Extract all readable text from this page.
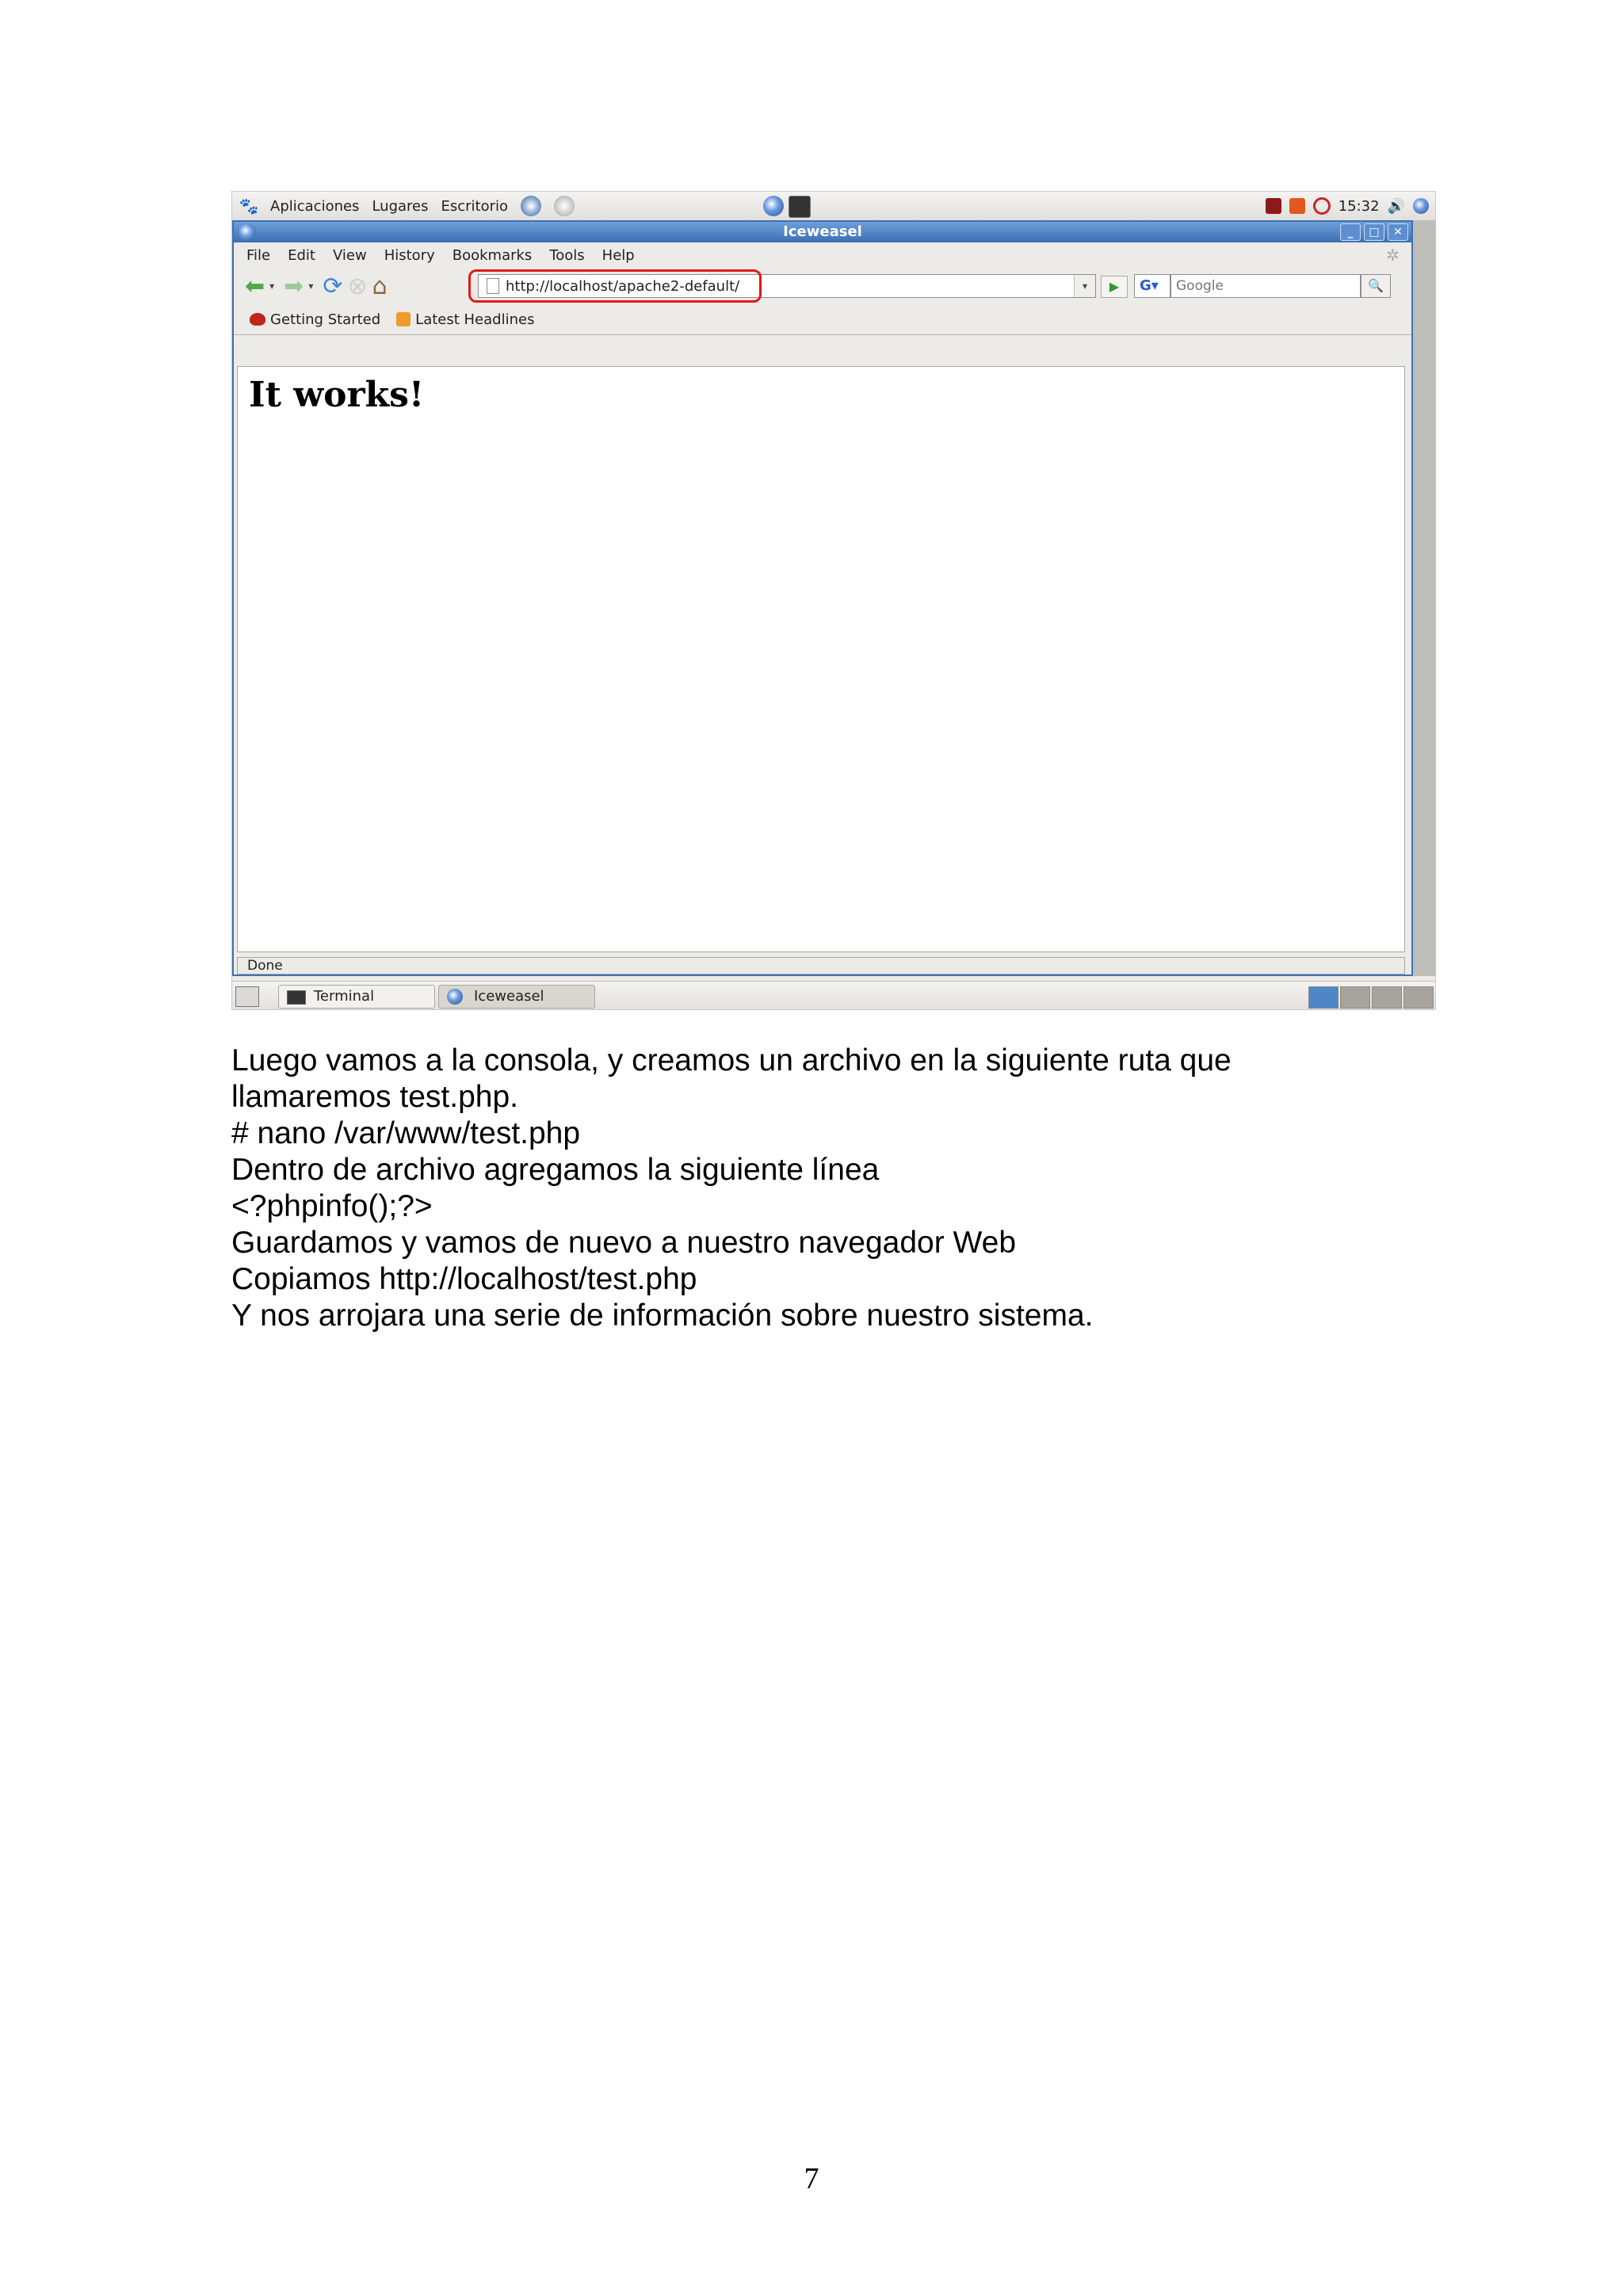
🐾 Aplicaciones Lugares Escritorio	15:32 🔊
Iceweasel	_	□	✕
File Edit View History Bookmarks Tools Help	✲
⬅ ▾ ➡ ▾ ⟳ ⊗ ⌂	http://localhost/apache2-default/	▾	▶	G▾
Google	🔍
Getting Started Latest Headlines
It works!
Done
Terminal	Iceweasel

Luego vamos a la consola, y creamos un archivo en la siguiente ruta que

llamaremos test.php.

# nano /var/www/test.php

Dentro de archivo agregamos la siguiente línea

<?phpinfo();?>

Guardamos y vamos de nuevo a nuestro navegador Web

Copiamos http://localhost/test.php

Y nos arrojara una serie de información sobre nuestro sistema.

7
